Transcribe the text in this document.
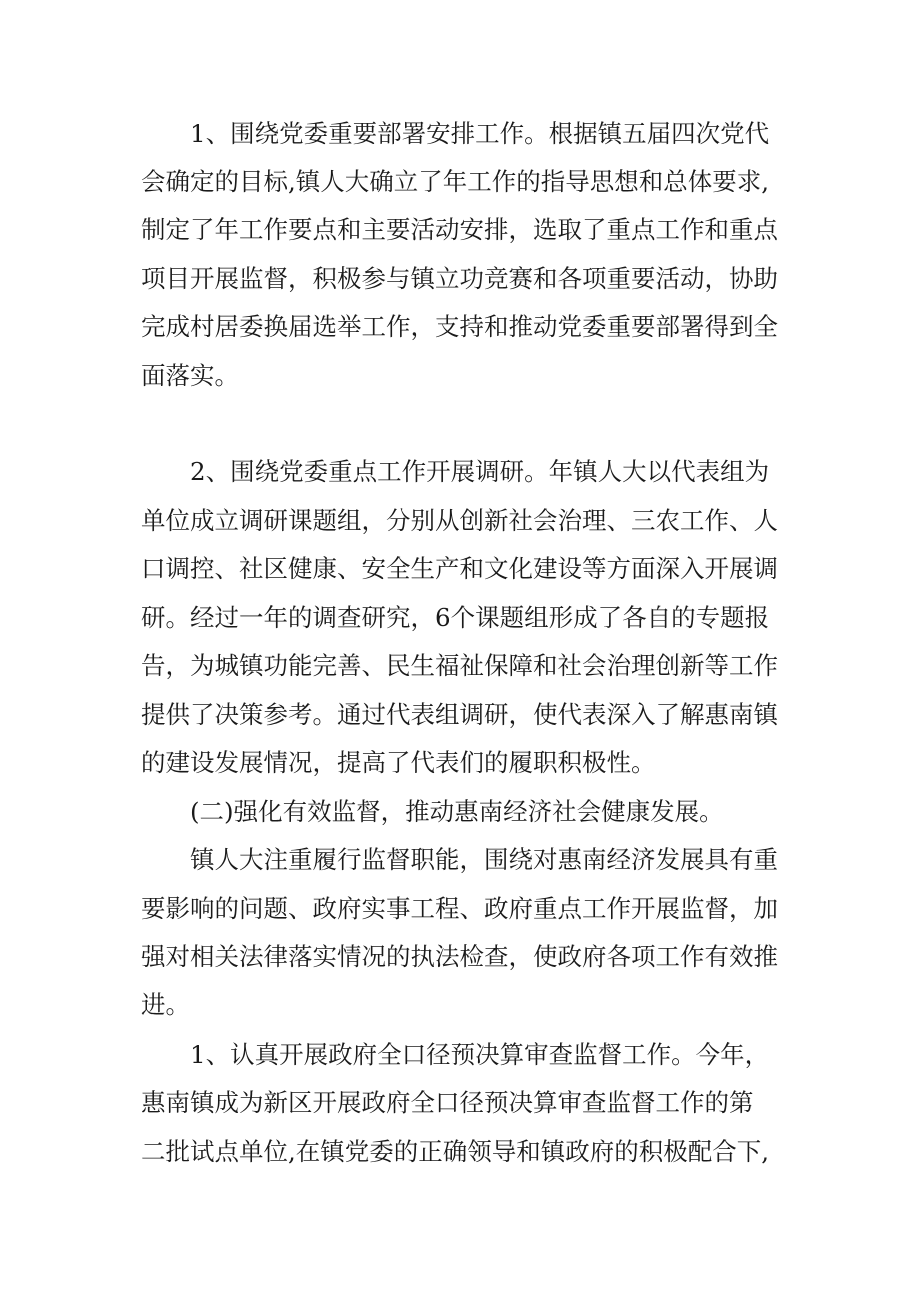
1、围绕党委重要部署安排工作。根据镇五届四次党代

会确定的目标,镇人大确立了年工作的指导思想和总体要求,

制定了年工作要点和主要活动安排，选取了重点工作和重点

项目开展监督，积极参与镇立功竞赛和各项重要活动，协助

完成村居委换届选举工作，支持和推动党委重要部署得到全

面落实。

2、围绕党委重点工作开展调研。年镇人大以代表组为

单位成立调研课题组，分别从创新社会治理、三农工作、人

口调控、社区健康、安全生产和文化建设等方面深入开展调

研。经过一年的调查研究，6个课题组形成了各自的专题报

告，为城镇功能完善、民生福祉保障和社会治理创新等工作

提供了决策参考。通过代表组调研，使代表深入了解惠南镇

的建设发展情况，提高了代表们的履职积极性。

(二)强化有效监督，推动惠南经济社会健康发展。

镇人大注重履行监督职能，围绕对惠南经济发展具有重

要影响的问题、政府实事工程、政府重点工作开展监督，加

强对相关法律落实情况的执法检查，使政府各项工作有效推

进。

1、认真开展政府全口径预决算审查监督工作。今年，

惠南镇成为新区开展政府全口径预决算审查监督工作的第

二批试点单位,在镇党委的正确领导和镇政府的积极配合下,
